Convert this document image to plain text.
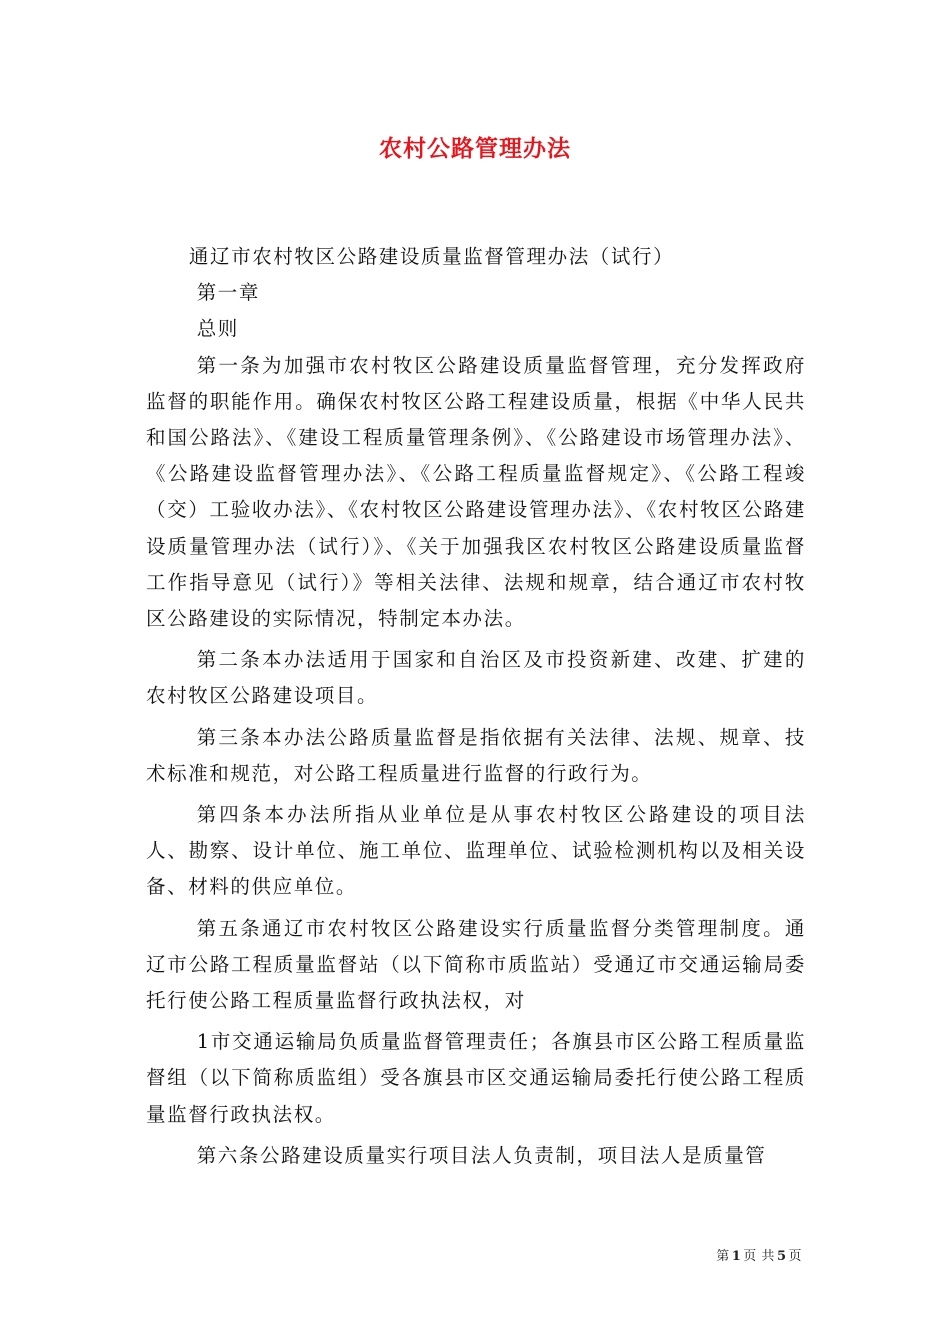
农村公路管理办法

通辽市农村牧区公路建设质量监督管理办法（试行）

第一章

总则

第一条为加强市农村牧区公路建设质量监督管理，充分发挥政府监督的职能作用。确保农村牧区公路工程建设质量，根据《中华人民共和国公路法》、《建设工程质量管理条例》、《公路建设市场管理办法》、《公路建设监督管理办法》、《公路工程质量监督规定》、《公路工程竣（交）工验收办法》、《农村牧区公路建设管理办法》、《农村牧区公路建设质量管理办法（试行）》、《关于加强我区农村牧区公路建设质量监督工作指导意见（试行）》等相关法律、法规和规章，结合通辽市农村牧区公路建设的实际情况，特制定本办法。

第二条本办法适用于国家和自治区及市投资新建、改建、扩建的农村牧区公路建设项目。

第三条本办法公路质量监督是指依据有关法律、法规、规章、技术标准和规范，对公路工程质量进行监督的行政行为。

第四条本办法所指从业单位是从事农村牧区公路建设的项目法人、勘察、设计单位、施工单位、监理单位、试验检测机构以及相关设备、材料的供应单位。

第五条通辽市农村牧区公路建设实行质量监督分类管理制度。通辽市公路工程质量监督站（以下简称市质监站）受通辽市交通运输局委托行使公路工程质量监督行政执法权，对

1市交通运输局负质量监督管理责任；各旗县市区公路工程质量监督组（以下简称质监组）受各旗县市区交通运输局委托行使公路工程质量监督行政执法权。

第六条公路建设质量实行项目法人负责制，项目法人是质量管

第 1 页 共 5 页
